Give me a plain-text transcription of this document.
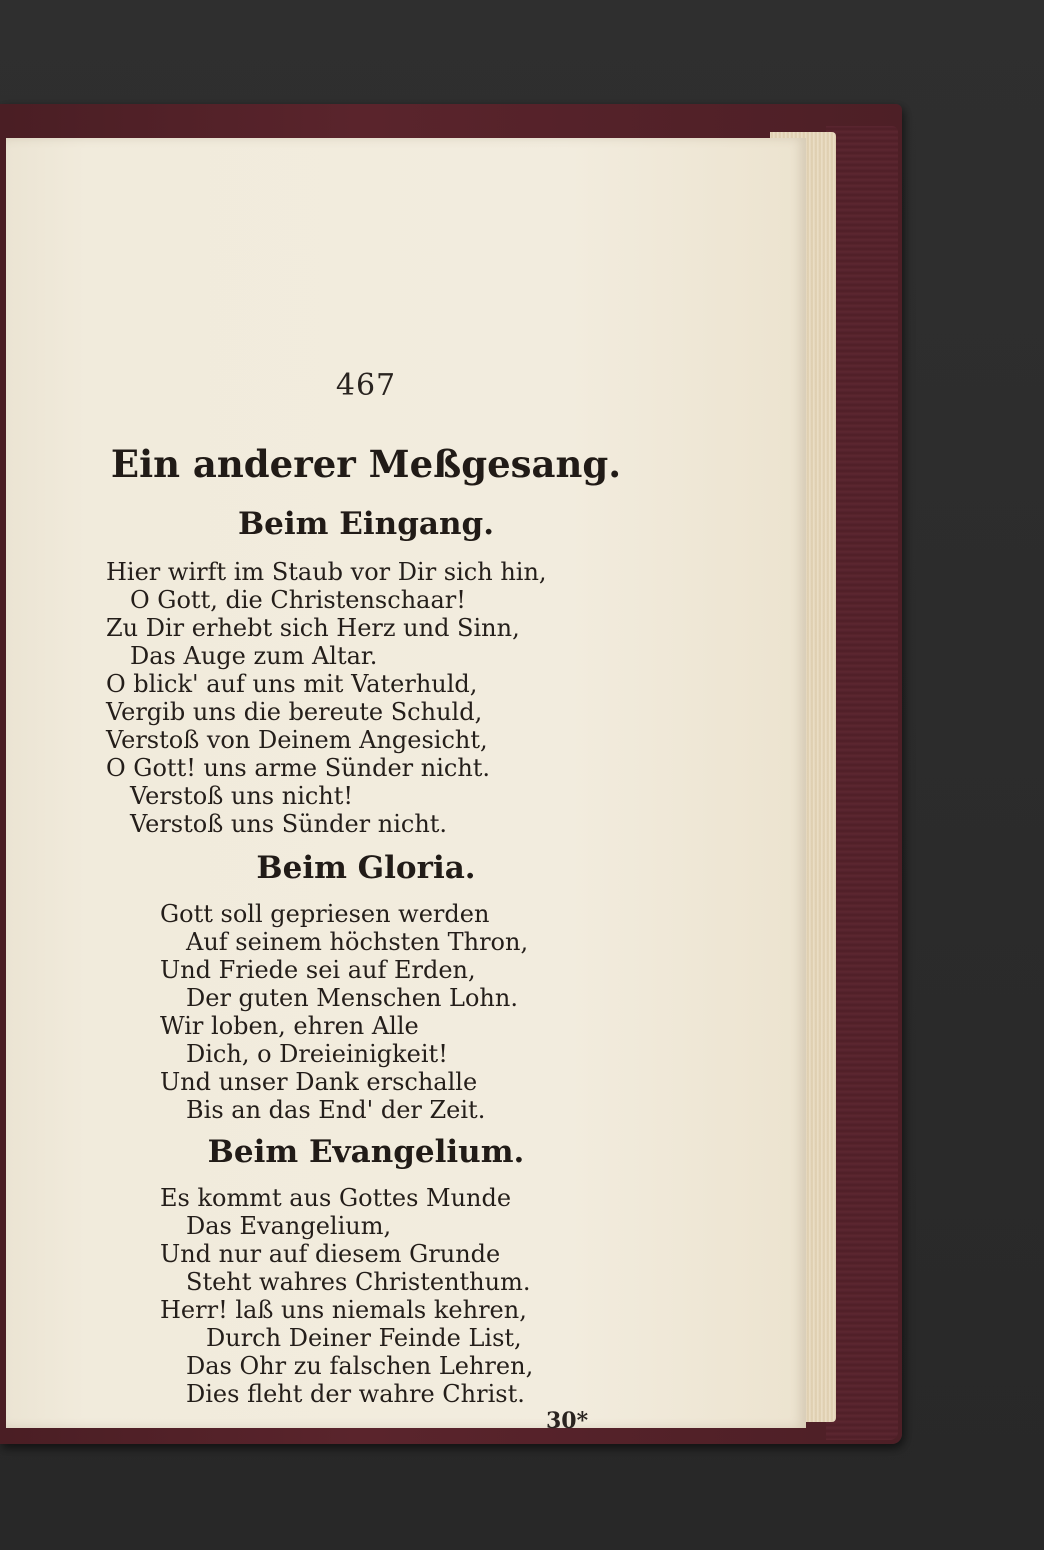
467
Ein anderer Meßgesang.
Beim Eingang.
Hier wirft im Staub vor Dir sich hin,
O Gott, die Christenschaar!
Zu Dir erhebt sich Herz und Sinn,
Das Auge zum Altar.
O blick' auf uns mit Vaterhuld,
Vergib uns die bereute Schuld,
Verstoß von Deinem Angesicht,
O Gott! uns arme Sünder nicht.
Verstoß uns nicht!
Verstoß uns Sünder nicht.
Beim Gloria.
Gott soll gepriesen werden
Auf seinem höchsten Thron,
Und Friede sei auf Erden,
Der guten Menschen Lohn.
Wir loben, ehren Alle
Dich, o Dreieinigkeit!
Und unser Dank erschalle
Bis an das End' der Zeit.
Beim Evangelium.
Es kommt aus Gottes Munde
Das Evangelium,
Und nur auf diesem Grunde
Steht wahres Christenthum.
Herr! laß uns niemals kehren,
Durch Deiner Feinde List,
Das Ohr zu falschen Lehren,
Dies fleht der wahre Christ.
30*
